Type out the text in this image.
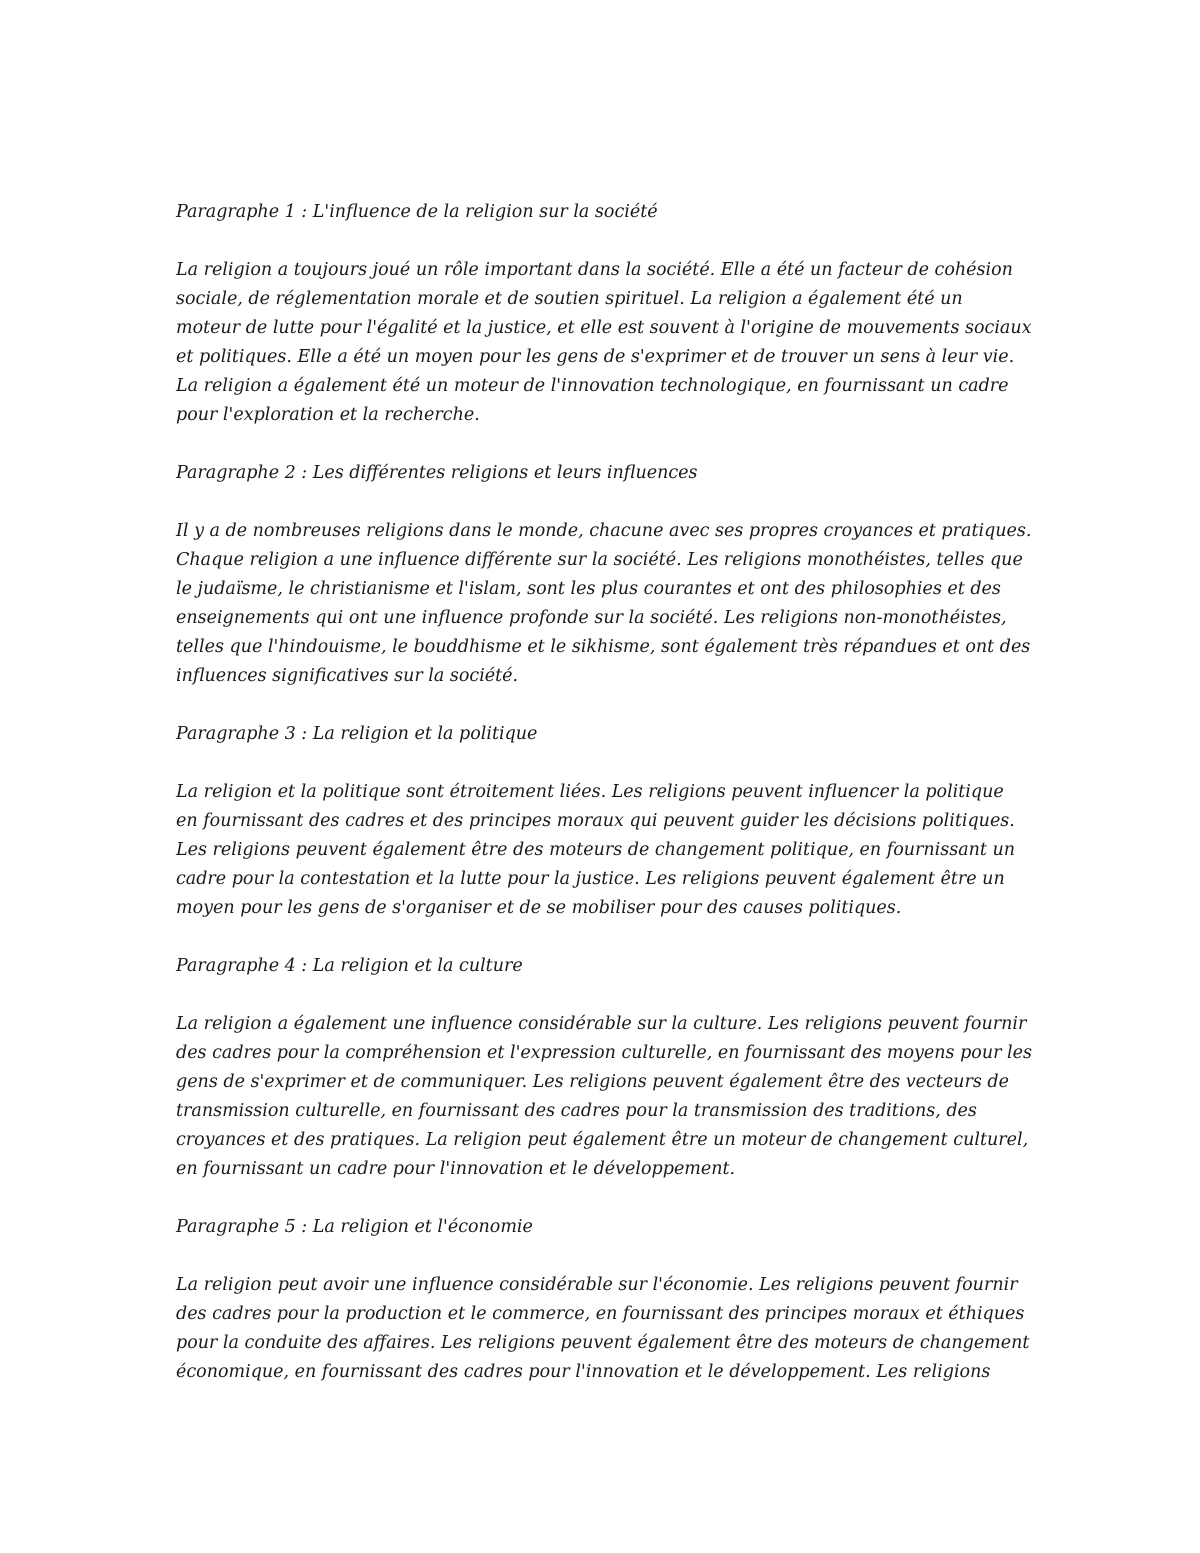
Paragraphe 1 : L'influence de la religion sur la société
La religion a toujours joué un rôle important dans la société. Elle a été un facteur de cohésion
sociale, de réglementation morale et de soutien spirituel. La religion a également été un
moteur de lutte pour l'égalité et la justice, et elle est souvent à l'origine de mouvements sociaux
et politiques. Elle a été un moyen pour les gens de s'exprimer et de trouver un sens à leur vie.
La religion a également été un moteur de l'innovation technologique, en fournissant un cadre
pour l'exploration et la recherche.
Paragraphe 2 : Les différentes religions et leurs influences
Il y a de nombreuses religions dans le monde, chacune avec ses propres croyances et pratiques.
Chaque religion a une influence différente sur la société. Les religions monothéistes, telles que
le judaïsme, le christianisme et l'islam, sont les plus courantes et ont des philosophies et des
enseignements qui ont une influence profonde sur la société. Les religions non-monothéistes,
telles que l'hindouisme, le bouddhisme et le sikhisme, sont également très répandues et ont des
influences significatives sur la société.
Paragraphe 3 : La religion et la politique
La religion et la politique sont étroitement liées. Les religions peuvent influencer la politique
en fournissant des cadres et des principes moraux qui peuvent guider les décisions politiques.
Les religions peuvent également être des moteurs de changement politique, en fournissant un
cadre pour la contestation et la lutte pour la justice. Les religions peuvent également être un
moyen pour les gens de s'organiser et de se mobiliser pour des causes politiques.
Paragraphe 4 : La religion et la culture
La religion a également une influence considérable sur la culture. Les religions peuvent fournir
des cadres pour la compréhension et l'expression culturelle, en fournissant des moyens pour les
gens de s'exprimer et de communiquer. Les religions peuvent également être des vecteurs de
transmission culturelle, en fournissant des cadres pour la transmission des traditions, des
croyances et des pratiques. La religion peut également être un moteur de changement culturel,
en fournissant un cadre pour l'innovation et le développement.
Paragraphe 5 : La religion et l'économie
La religion peut avoir une influence considérable sur l'économie. Les religions peuvent fournir
des cadres pour la production et le commerce, en fournissant des principes moraux et éthiques
pour la conduite des affaires. Les religions peuvent également être des moteurs de changement
économique, en fournissant des cadres pour l'innovation et le développement. Les religions
